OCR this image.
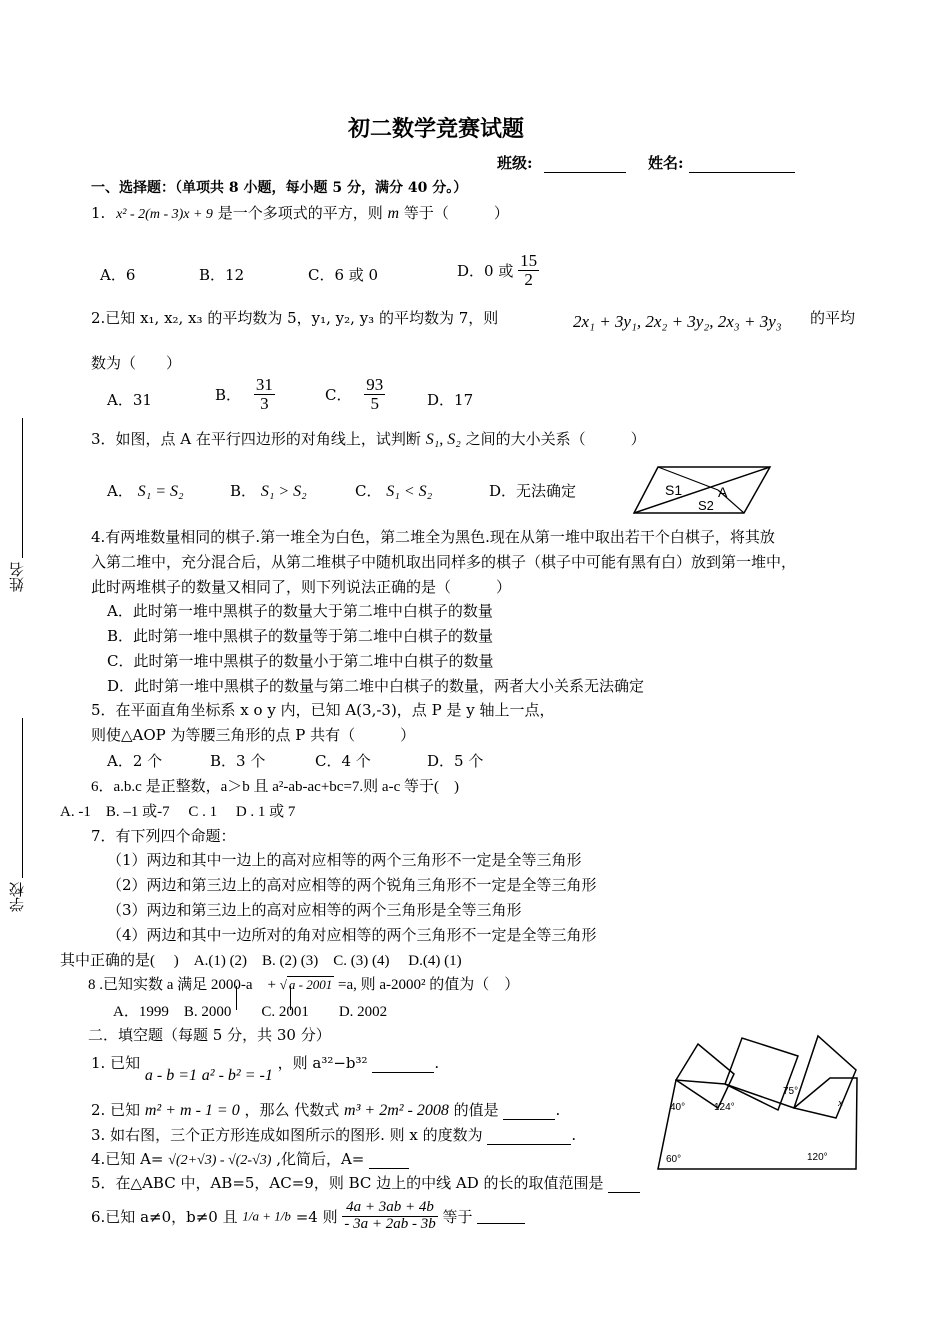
初二数学竞赛试题
班级:	姓名:
姓名
学校
一、选择题：（单项共 8 小题，每小题 5 分，满分 40 分。）
1. x² - 2(m - 3)x + 9 是一个多项式的平方，则 m 等于（　　　）
A．6	B．12	C．6 或 0	D．0 或 $\frac{15}{2}$
2.已知 x₁, x₂, x₃ 的平均数为 5，y₁, y₂, y₃ 的平均数为 7，则	2x₁ + 3y₁, 2x₂ + 3y₂, 2x₃ + 3y₃ 的平均
数为（　　）
A．31	B． $\frac{31}{3}$	C． $\frac{93}{5}$	D．17
3．如图，点 A 在平行四边形的对角线上，试判断 S₁, S₂ 之间的大小关系（　　　）
A． S₁ = S₂	B． S₁ > S₂	C． S₁ < S₂	D．无法确定	S1
S2
A
4.有两堆数量相同的棋子.第一堆全为白色，第二堆全为黑色.现在从第一堆中取出若干个白棋子，将其放
入第二堆中，充分混合后，从第二堆棋子中随机取出同样多的棋子（棋子中可能有黑有白）放到第一堆中，
此时两堆棋子的数量又相同了，则下列说法正确的是（　　　）
A．此时第一堆中黑棋子的数量大于第二堆中白棋子的数量
B．此时第一堆中黑棋子的数量等于第二堆中白棋子的数量
C．此时第一堆中黑棋子的数量小于第二堆中白棋子的数量
D．此时第一堆中黑棋子的数量与第二堆中白棋子的数量，两者大小关系无法确定
5．在平面直角坐标系 x o y 内，已知 A(3,-3)，点 P 是 y 轴上一点，
则使△AOP 为等腰三角形的点 P 共有（　　　）
A．2 个	B．3 个	C．4 个	D．5 个
6．a.b.c 是正整数，a＞b 且 a²-ab-ac+bc=7.则 a-c 等于(　)
A. -1　B. –1 或-7　 C . 1　 D . 1 或 7
7．有下列四个命题：
（1）两边和其中一边上的高对应相等的两个三角形不一定是全等三角形
（2）两边和第三边上的高对应相等的两个锐角三角形不一定是全等三角形
（3）两边和第三边上的高对应相等的两个三角形是全等三角形
（4）两边和其中一边所对的角对应相等的两个三角形不一定是全等三角形
其中正确的是(　 )　A.(1) (2)　B. (2) (3)　C. (3) (4)　 D.(4) (1)
8 .已知实数 a 满足 2000-a　+ √ a - 2001 =a, 则 a-2000² 的值为（　）
A．1999　B. 2000　　C. 2001　　D. 2002
二．填空题（每题 5 分，共 30 分）
1. 已知 a - b =1 a² - b² = -1 ，则 a³²−b³²	.
2. 已知 m² + m - 1 = 0 ，那么 代数式 m³ + 2m² - 2008 的值是	.
3. 如右图，三个正方形连成如图所示的图形. 则 x 的度数为	.
4.已知 A= √(2+√3) - √(2-√3) ,化简后，A=
5．在△ABC 中，AB=5，AC=9，则 BC 边上的中线 AD 的长的取值范围是
6.已知 a≠0，b≠0 且 1/a + 1/b =4 则 $\frac{4a + 3ab + 4b}{- 3a + 2ab - 3b}$ 等于
40°	124°
75°
x
60°	120°
